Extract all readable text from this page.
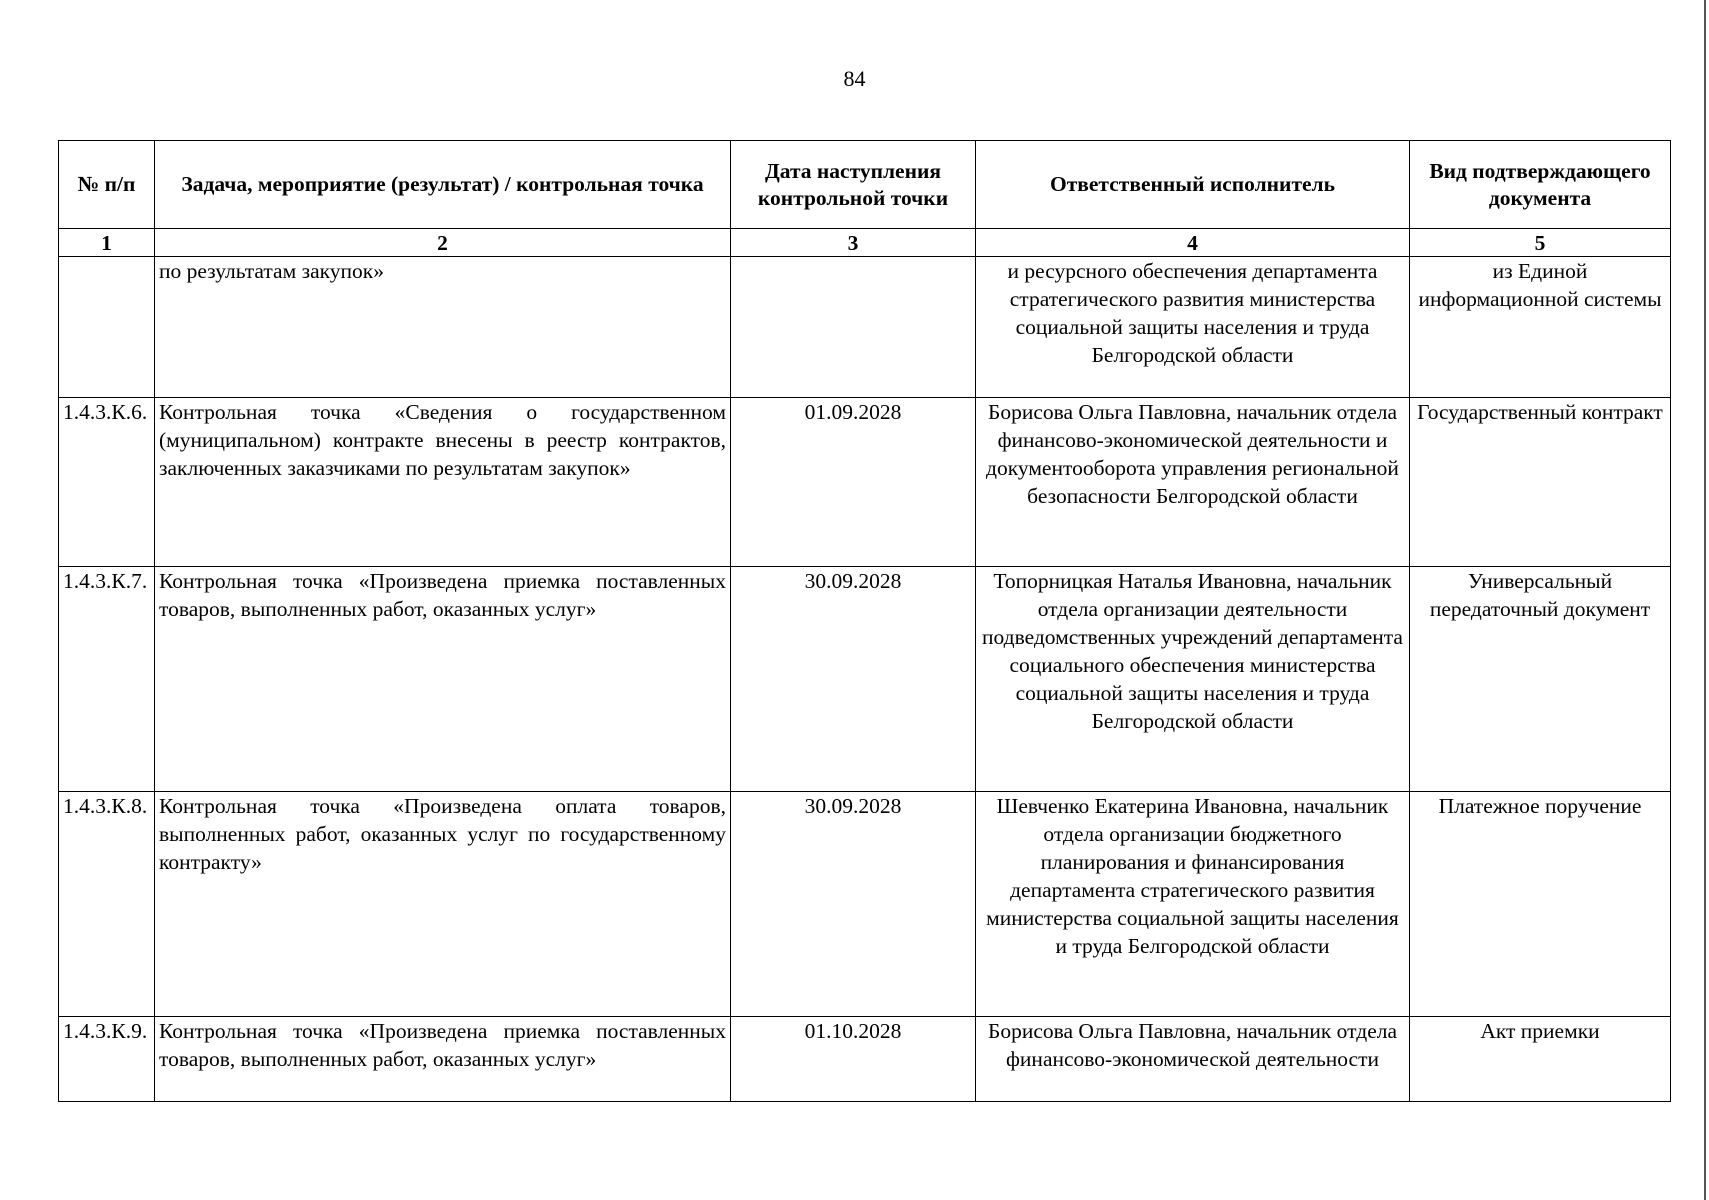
84
№ п/п	Задача, мероприятие (результат) / контрольная точка	Дата наступления контрольной точки	Ответственный исполнитель	Вид подтверждающего документа
1	2	3	4	5
	по результатам закупок»		и ресурсного обеспечения департамента стратегического развития министерства социальной защиты населения и труда Белгородской области	из Единой информационной системы
1.4.3.К.6.	Контрольная точка «Сведения о государственном (муниципальном) контракте внесены в реестр контрактов, заключенных заказчиками по результатам закупок»	01.09.2028	Борисова Ольга Павловна, начальник отдела финансово-экономической деятельности и документооборота управления региональной безопасности Белгородской области	Государственный контракт
1.4.3.К.7.	Контрольная точка «Произведена приемка поставленных товаров, выполненных работ, оказанных услуг»	30.09.2028	Топорницкая Наталья Ивановна, начальник отдела организации деятельности подведомственных учреждений департамента социального обеспечения министерства социальной защиты населения и труда Белгородской области	Универсальный передаточный документ
1.4.3.К.8.	Контрольная точка «Произведена оплата товаров, выполненных работ, оказанных услуг по государственному контракту»	30.09.2028	Шевченко Екатерина Ивановна, начальник отдела организации бюджетного планирования и финансирования департамента стратегического развития министерства социальной защиты населения и труда Белгородской области	Платежное поручение
1.4.3.К.9.	Контрольная точка «Произведена приемка поставленных товаров, выполненных работ, оказанных услуг»	01.10.2028	Борисова Ольга Павловна, начальник отдела финансово-экономической деятельности	Акт приемки
